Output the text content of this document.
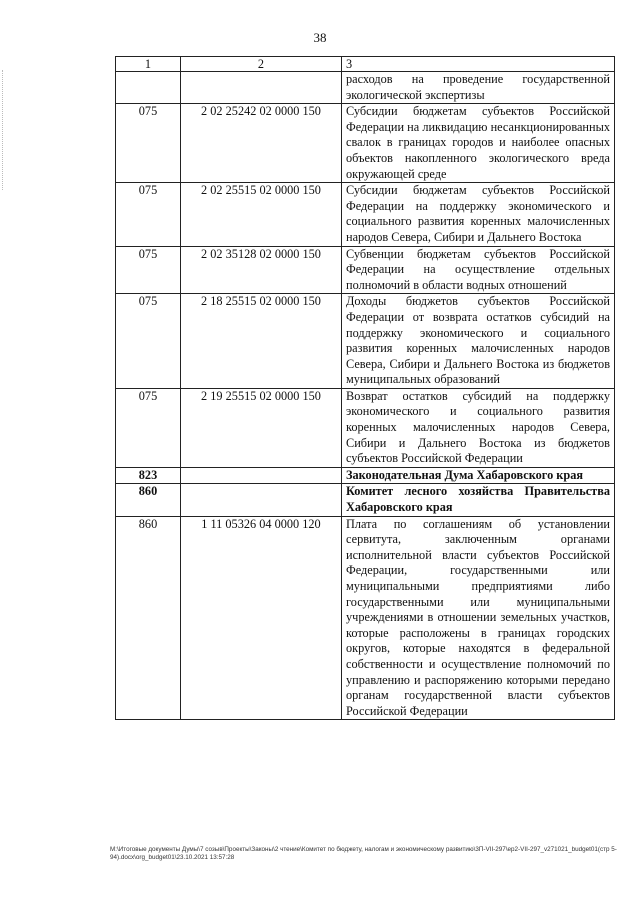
38
1	2	3
		расходов на проведение государственной экологической экспертизы
075	2 02 25242 02 0000 150	Субсидии бюджетам субъектов Российской Федерации на ликвидацию несанкционированных свалок в границах городов и наиболее опасных объектов накопленного экологического вреда окружающей среде
075	2 02 25515 02 0000 150	Субсидии бюджетам субъектов Российской Федерации на поддержку экономического и социального развития коренных малочисленных народов Севера, Сибири и Дальнего Востока
075	2 02 35128 02 0000 150	Субвенции бюджетам субъектов Российской Федерации на осуществление отдельных полномочий в области водных отношений
075	2 18 25515 02 0000 150	Доходы бюджетов субъектов Российской Федерации от возврата остатков субсидий на поддержку экономического и социального развития коренных малочисленных народов Севера, Сибири и Дальнего Востока из бюджетов муниципальных образований
075	2 19 25515 02 0000 150	Возврат остатков субсидий на поддержку экономического и социального развития коренных малочисленных народов Севера, Сибири и Дальнего Востока из бюджетов субъектов Российской Федерации
823		Законодательная Дума Хабаровского края
860		Комитет лесного хозяйства Правительства Хабаровского края
860	1 11 05326 04 0000 120	Плата по соглашениям об установлении сервитута, заключенным органами исполнительной власти субъектов Российской Федерации, государственными или муниципальными предприятиями либо государственными или муниципальными учреждениями в отношении земельных участков, которые расположены в границах городских округов, которые находятся в федеральной собственности и осуществление полномочий по управлению и распоряжению которыми передано органам государственной власти субъектов Российской Федерации
М:\Итоговые документы Думы\7 созыв\Проекты\Законы\2 чтение\Комитет по бюджету, налогам и экономическому развитию\3П-VII-297\ep2-VII-297_v271021_budget01(стр 5-94).docx\org_budget01\23.10.2021 13:57:28
